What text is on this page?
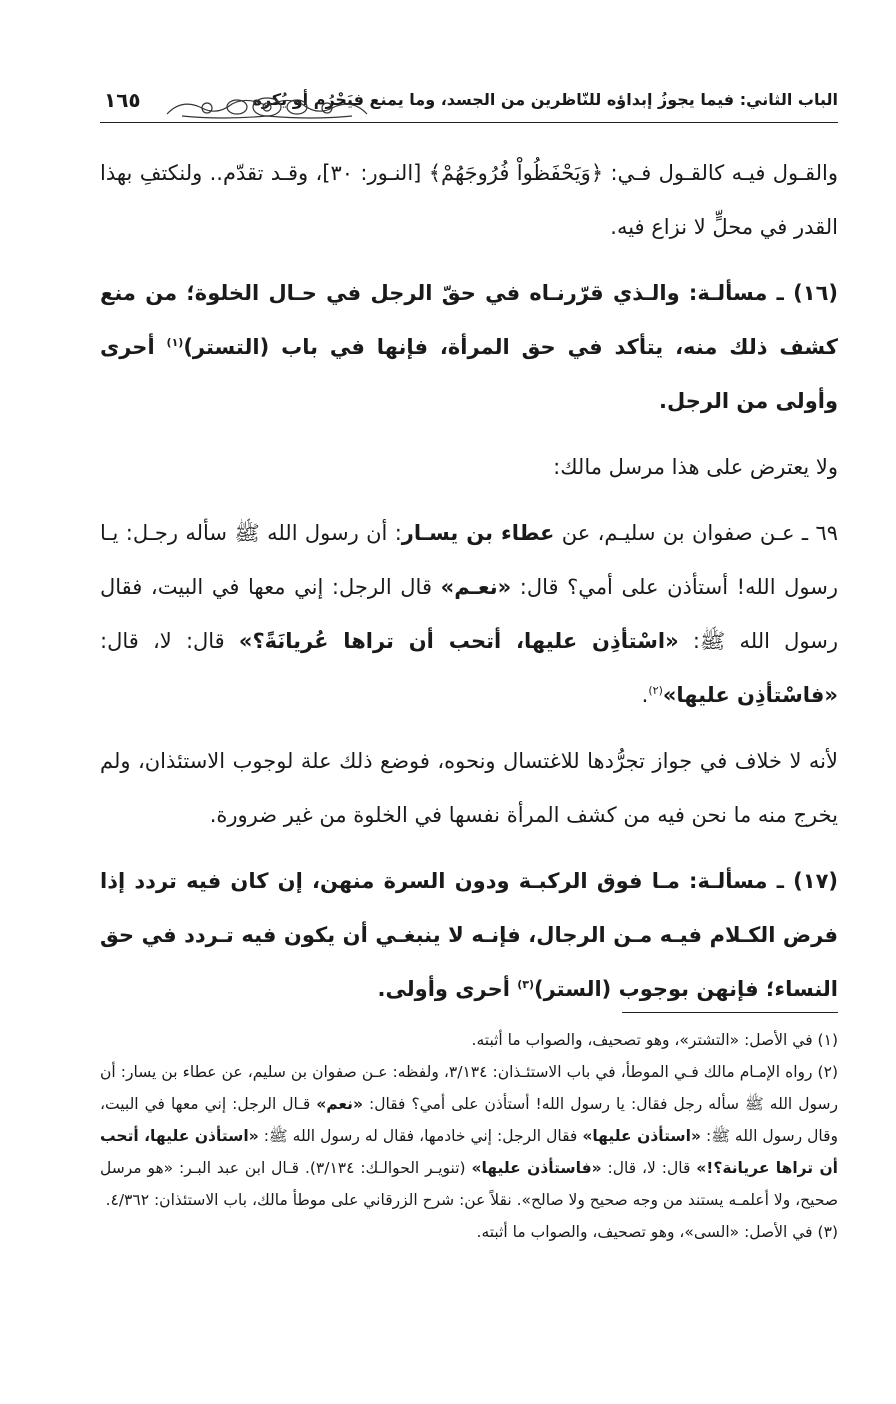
الباب الثاني: فيما يجوزُ إبداؤه للنّاظرين من الجسد، وما يمنع فيَحْرُم أو يُكره
١٦٥

والقـول فيـه كالقـول فـي: ﴿وَيَحْفَظُواْ فُرُوجَهُمْ﴾ [النـور: ٣٠]، وقـد تقدّم.. ولنكتفِ بهذا القدر في محلٍّ لا نزاع فيه.

(١٦) ـ مسألـة: والـذي قرّرنـاه في حقّ الرجل في حـال الخلوة؛ من منع كشف ذلك منه، يتأكد في حق المرأة، فإنها في باب (التستر)$^{(١)}$ أحرى وأولى من الرجل.

ولا يعترض على هذا مرسل مالك:

٦٩ ـ عـن صفوان بن سليـم، عن عطاء بن يسـار: أن رسول الله ﷺ سأله رجـل: يـا رسول الله! أستأذن على أمي؟ قال: «نعـم» قال الرجل: إني معها في البيت، فقال رسول الله ﷺ: «اسْتأذِن عليها، أتحب أن تراها عُريانَةً؟» قال: لا، قال: «فاسْتأذِن عليها»$^{(٢)}$.

لأنه لا خلاف في جواز تجرُّدها للاغتسال ونحوه، فوضع ذلك علة لوجوب الاستئذان، ولم يخرج منه ما نحن فيه من كشف المرأة نفسها في الخلوة من غير ضرورة.

(١٧) ـ مسألـة: مـا فوق الركبـة ودون السرة منهن، إن كان فيه تردد إذا فرض الكـلام فيـه مـن الرجال، فإنـه لا ينبغـي أن يكون فيه تـردد في حق النساء؛ فإنهن بوجوب (الستر)$^{(٣)}$ أحرى وأولى.

(١) في الأصل: «التشتر»، وهو تصحيف، والصواب ما أثبته.

(٢) رواه الإمـام مالك فـي الموطأ، في باب الاستئـذان: ٣/١٣٤، ولفظه: عـن صفوان بن سليم، عن عطاء بن يسار: أن رسول الله ﷺ سأله رجل فقال: يا رسول الله! أستأذن على أمي؟ فقال: «نعم» قـال الرجل: إني معها في البيت، وقال رسول الله ﷺ: «استأذن عليها» فقال الرجل: إني خادمها، فقال له رسول الله ﷺ: «استأذن عليها، أتحب أن تراها عريانة؟!» قال: لا، قال: «فاستأذن عليها» (تنويـر الحوالـك: ٣/١٣٤). قـال ابن عبد البـر: «هو مرسل صحيح، ولا أعلمـه يستند من وجه صحيح ولا صالح». نقلاً عن: شرح الزرقاني على موطأ مالك، باب الاستئذان: ٤/٣٦٢.

(٣) في الأصل: «السى»، وهو تصحيف، والصواب ما أثبته.
